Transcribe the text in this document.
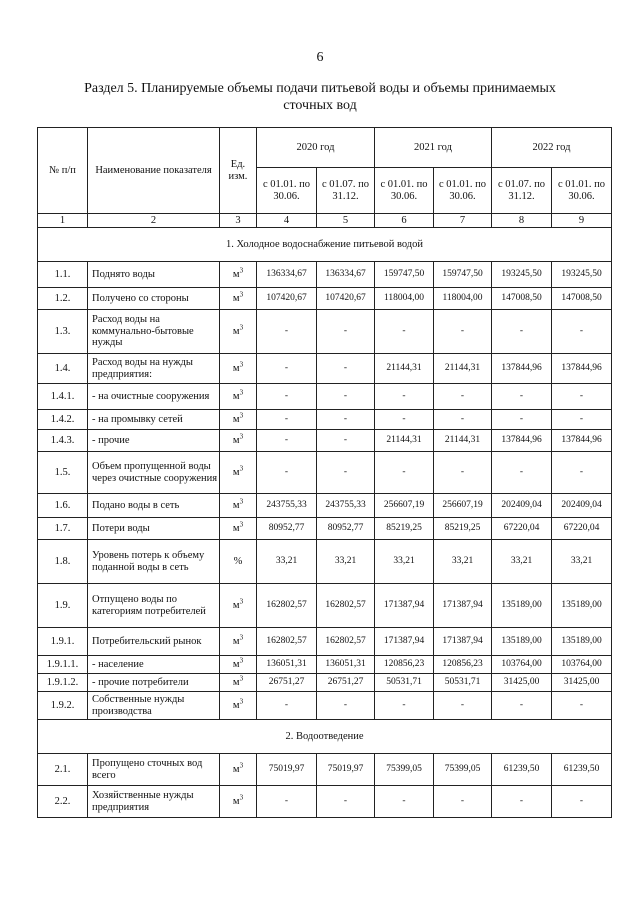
6
Раздел 5. Планируемые объемы подачи питьевой воды и объемы принимаемых сточных вод
№ п/п	Наименование показателя	Ед. изм.	2020 год		2021 год		2022 год	
			с 01.01. по 30.06.	с 01.07. по 31.12.	с 01.01. по 30.06.	с 01.01. по 30.06.	с 01.07. по 31.12.	с 01.01. по 30.06.
1	2	3	4	5	6	7	8	9
1. Холодное водоснабжение питьевой водой								
1.1.	Поднято воды	$м^3$	136334,67	136334,67	159747,50	159747,50	193245,50	193245,50
1.2.	Получено со стороны	$м^3$	107420,67	107420,67	118004,00	118004,00	147008,50	147008,50
1.3.	Расход воды на коммунально-бытовые нужды	$м^3$	-	-	-	-	-	-
1.4.	Расход воды на нужды предприятия:	$м^3$	-	-	21144,31	21144,31	137844,96	137844,96
1.4.1.	- на очистные сооружения	$м^3$	-	-	-	-	-	-
1.4.2.	- на промывку сетей	$м^3$	-	-	-	-	-	-
1.4.3.	- прочие	$м^3$	-	-	21144,31	21144,31	137844,96	137844,96
1.5.	Объем пропущенной воды через очистные сооружения	$м^3$	-	-	-	-	-	-
1.6.	Подано воды в сеть	$м^3$	243755,33	243755,33	256607,19	256607,19	202409,04	202409,04
1.7.	Потери воды	$м^3$	80952,77	80952,77	85219,25	85219,25	67220,04	67220,04
1.8.	Уровень потерь к объему поданной воды в сеть	%	33,21	33,21	33,21	33,21	33,21	33,21
1.9.	Отпущено воды по категориям потребителей	$м^3$	162802,57	162802,57	171387,94	171387,94	135189,00	135189,00
1.9.1.	Потребительский рынок	$м^3$	162802,57	162802,57	171387,94	171387,94	135189,00	135189,00
1.9.1.1.	- население	$м^3$	136051,31	136051,31	120856,23	120856,23	103764,00	103764,00
1.9.1.2.	- прочие потребители	$м^3$	26751,27	26751,27	50531,71	50531,71	31425,00	31425,00
1.9.2.	Собственные нужды производства	$м^3$	-	-	-	-	-	-
2. Водоотведение								
2.1.	Пропущено сточных вод всего	$м^3$	75019,97	75019,97	75399,05	75399,05	61239,50	61239,50
2.2.	Хозяйственные нужды предприятия	$м^3$	-	-	-	-	-	-
